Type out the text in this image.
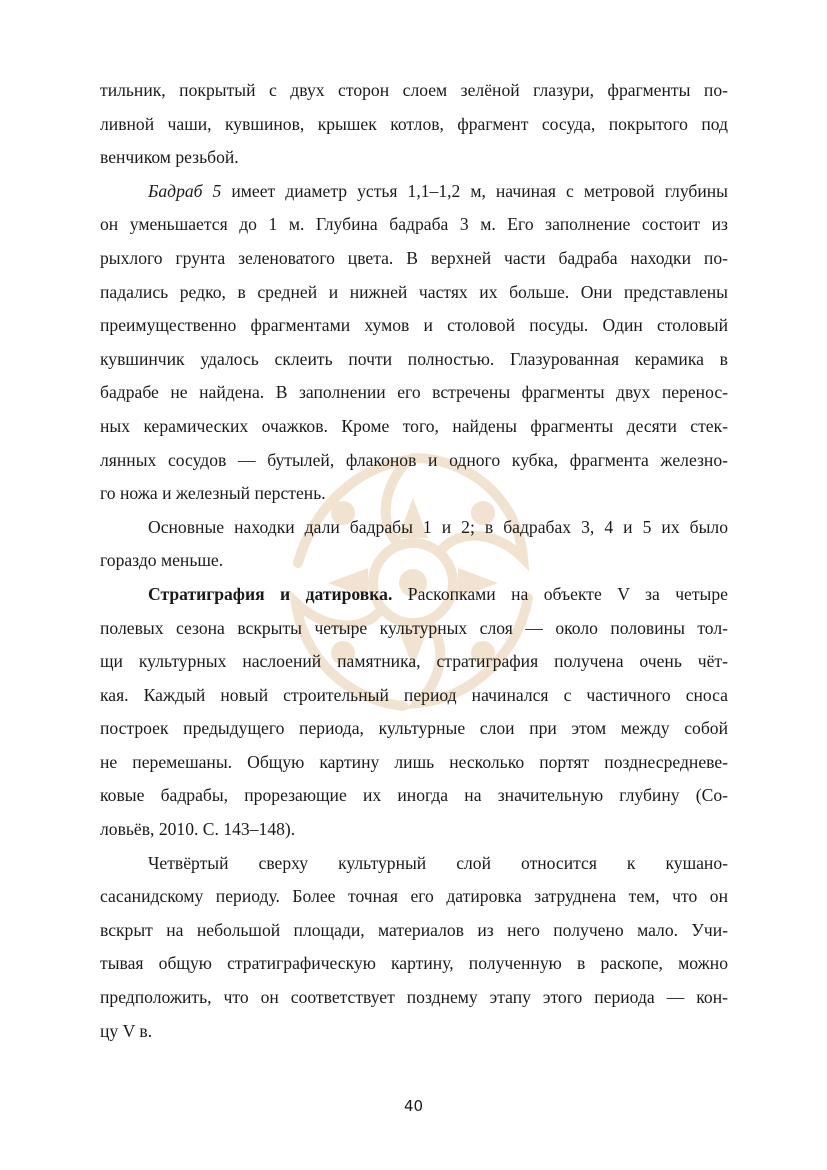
тильник, покрытый с двух сторон слоем зелёной глазури, фрагменты по-
ливной чаши, кувшинов, крышек котлов, фрагмент сосуда, покрытого под
венчиком резьбой.

Бадраб 5 имеет диаметр устья 1,1–1,2 м, начиная с метровой глубины
он уменьшается до 1 м. Глубина бадраба 3 м. Его заполнение состоит из
рыхлого грунта зеленоватого цвета. В верхней части бадраба находки по-
падались редко, в средней и нижней частях их больше. Они представлены
преимущественно фрагментами хумов и столовой посуды. Один столовый
кувшинчик удалось склеить почти полностью. Глазурованная керамика в
бадрабе не найдена. В заполнении его встречены фрагменты двух перенос-
ных керамических очажков. Кроме того, найдены фрагменты десяти стек-
лянных сосудов — бутылей, флаконов и одного кубка, фрагмента железно-
го ножа и железный перстень.

Основные находки дали бадрабы 1 и 2; в бадрабах 3, 4 и 5 их было
гораздо меньше.

Стратиграфия и датировка. Раскопками на объекте V за четыре
полевых сезона вскрыты четыре культурных слоя — около половины тол-
щи культурных наслоений памятника, стратиграфия получена очень чёт-
кая. Каждый новый строительный период начинался с частичного сноса
построек предыдущего периода, культурные слои при этом между собой
не перемешаны. Общую картину лишь несколько портят позднесредневе-
ковые бадрабы, прорезающие их иногда на значительную глубину (Со-
ловьёв, 2010. С. 143–148).

Четвёртый сверху культурный слой относится к кушано-
сасанидскому периоду. Более точная его датировка затруднена тем, что он
вскрыт на небольшой площади, материалов из него получено мало. Учи-
тывая общую стратиграфическую картину, полученную в раскопе, можно
предположить, что он соответствует позднему этапу этого периода — кон-
цу V в.

40
